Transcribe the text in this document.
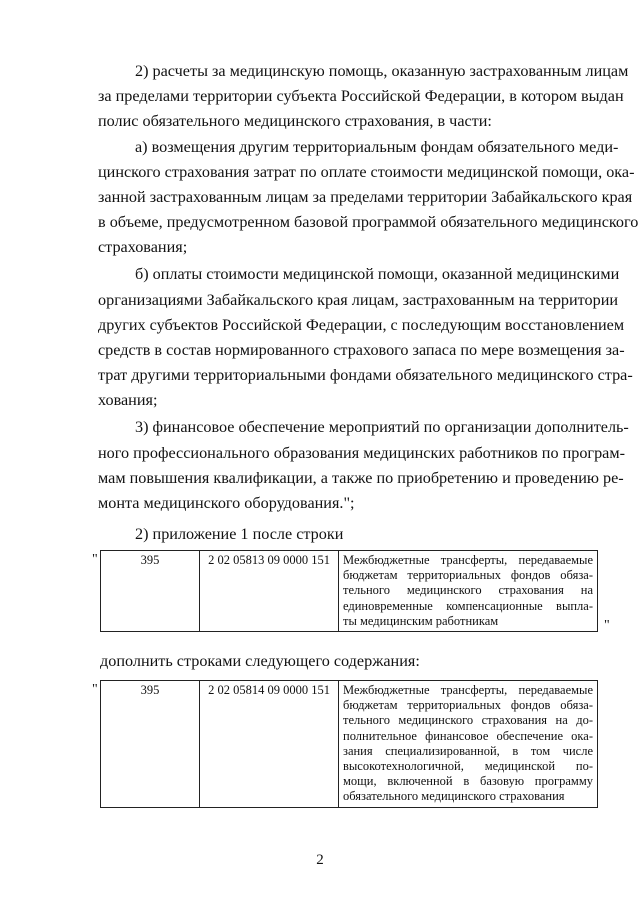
2) расчеты за медицинскую помощь, оказанную застрахованным лицам
за пределами территории субъекта Российской Федерации, в котором выдан
полис обязательного медицинского страхования, в части:
а) возмещения другим территориальным фондам обязательного меди-
цинского страхования затрат по оплате стоимости медицинской помощи, ока-
занной застрахованным лицам за пределами территории Забайкальского края
в объеме, предусмотренном базовой программой обязательного медицинского
страхования;
б) оплаты стоимости медицинской помощи, оказанной медицинскими
организациями Забайкальского края лицам, застрахованным на территории
других субъектов Российской Федерации, с последующим восстановлением
средств в состав нормированного страхового запаса по мере возмещения за-
трат другими территориальными фондами обязательного медицинского стра-
хования;
3) финансовое обеспечение мероприятий по организации дополнитель-
ного профессионального образования медицинских работников по програм-
мам повышения квалификации, а также по приобретению и проведению ре-
монта медицинского оборудования.";
2) приложение 1 после строки
"	395	2 02 05813 09 0000 151	Межбюджетные трансферты, передаваемые
бюджетам территориальных фондов обяза-
тельного медицинского страхования на
единовременные компенсационные выпла-
ты медицинским работникам	"
дополнить строками следующего содержания:
"	395	2 02 05814 09 0000 151	Межбюджетные трансферты, передаваемые
бюджетам территориальных фондов обяза-
тельного медицинского страхования на до-
полнительное финансовое обеспечение ока-
зания специализированной, в том числе
высокотехнологичной, медицинской по-
мощи, включенной в базовую программу
обязательного медицинского страхования
2
